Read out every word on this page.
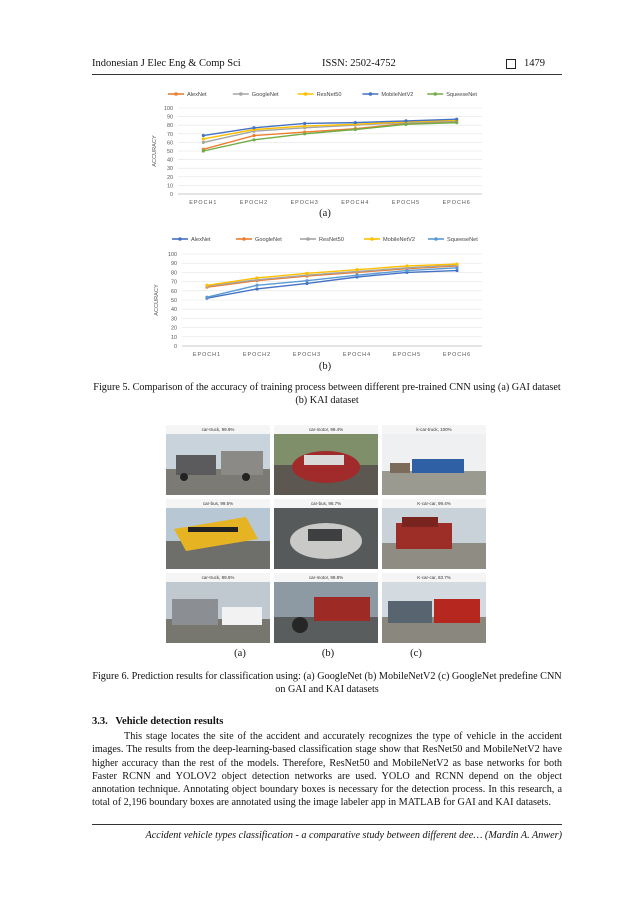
Indonesian J Elec Eng & Comp Sci	ISSN: 2502-4752	1479
AlexNet	GoogleNet	ResNet50	MobileNetV2	SqueeseNet
0
10
20
30
40
50
60
70
80
90
100
ACCURACY
EPOCH1	EPOCH2	EPOCH3	EPOCH4	EPOCH5	EPOCH6
(a)
AlexNet	GoogleNet	ResNet50	MobileNetV2	SqueeseNet
0
10
20
30
40
50
60
70
80
90
100
ACCURACY
EPOCH1	EPOCH2	EPOCH3	EPOCH4	EPOCH5	EPOCH6
(b)
Figure 5. Comparison of the accuracy of training process between different pre-trained CNN using (a) GAI dataset (b) KAI dataset
car-truck, 99.9%	car-motor, 99.4%	k-car-truck, 100%
car-bus, 99.5%	car-bus, 96.7%	K-car-car, 99.4%
car-truck, 89.5%	car-motor, 99.8%	K-car-car, 83.7%
(a)	(b)	(c)
Figure 6. Prediction results for classification using: (a) GoogleNet (b) MobileNetV2 (c) GoogleNet predefine CNN on GAI and KAI datasets
3.3.   Vehicle detection results
This stage locates the site of the accident and accurately recognizes the type of vehicle in the accident images. The results from the deep-learning-based classification stage show that ResNet50 and MobileNetV2 have higher accuracy than the rest of the models. Therefore, ResNet50 and MobileNetV2 as base networks for both Faster RCNN and YOLOV2 object detection networks are used. YOLO and RCNN depend on the object annotation technique. Annotating object boundary boxes is necessary for the detection process. In this research, a total of 2,196 boundary boxes are annotated using the image labeler app in MATLAB for GAI and KAI datasets.
Accident vehicle types classification - a comparative study between different dee… (Mardin A. Anwer)
